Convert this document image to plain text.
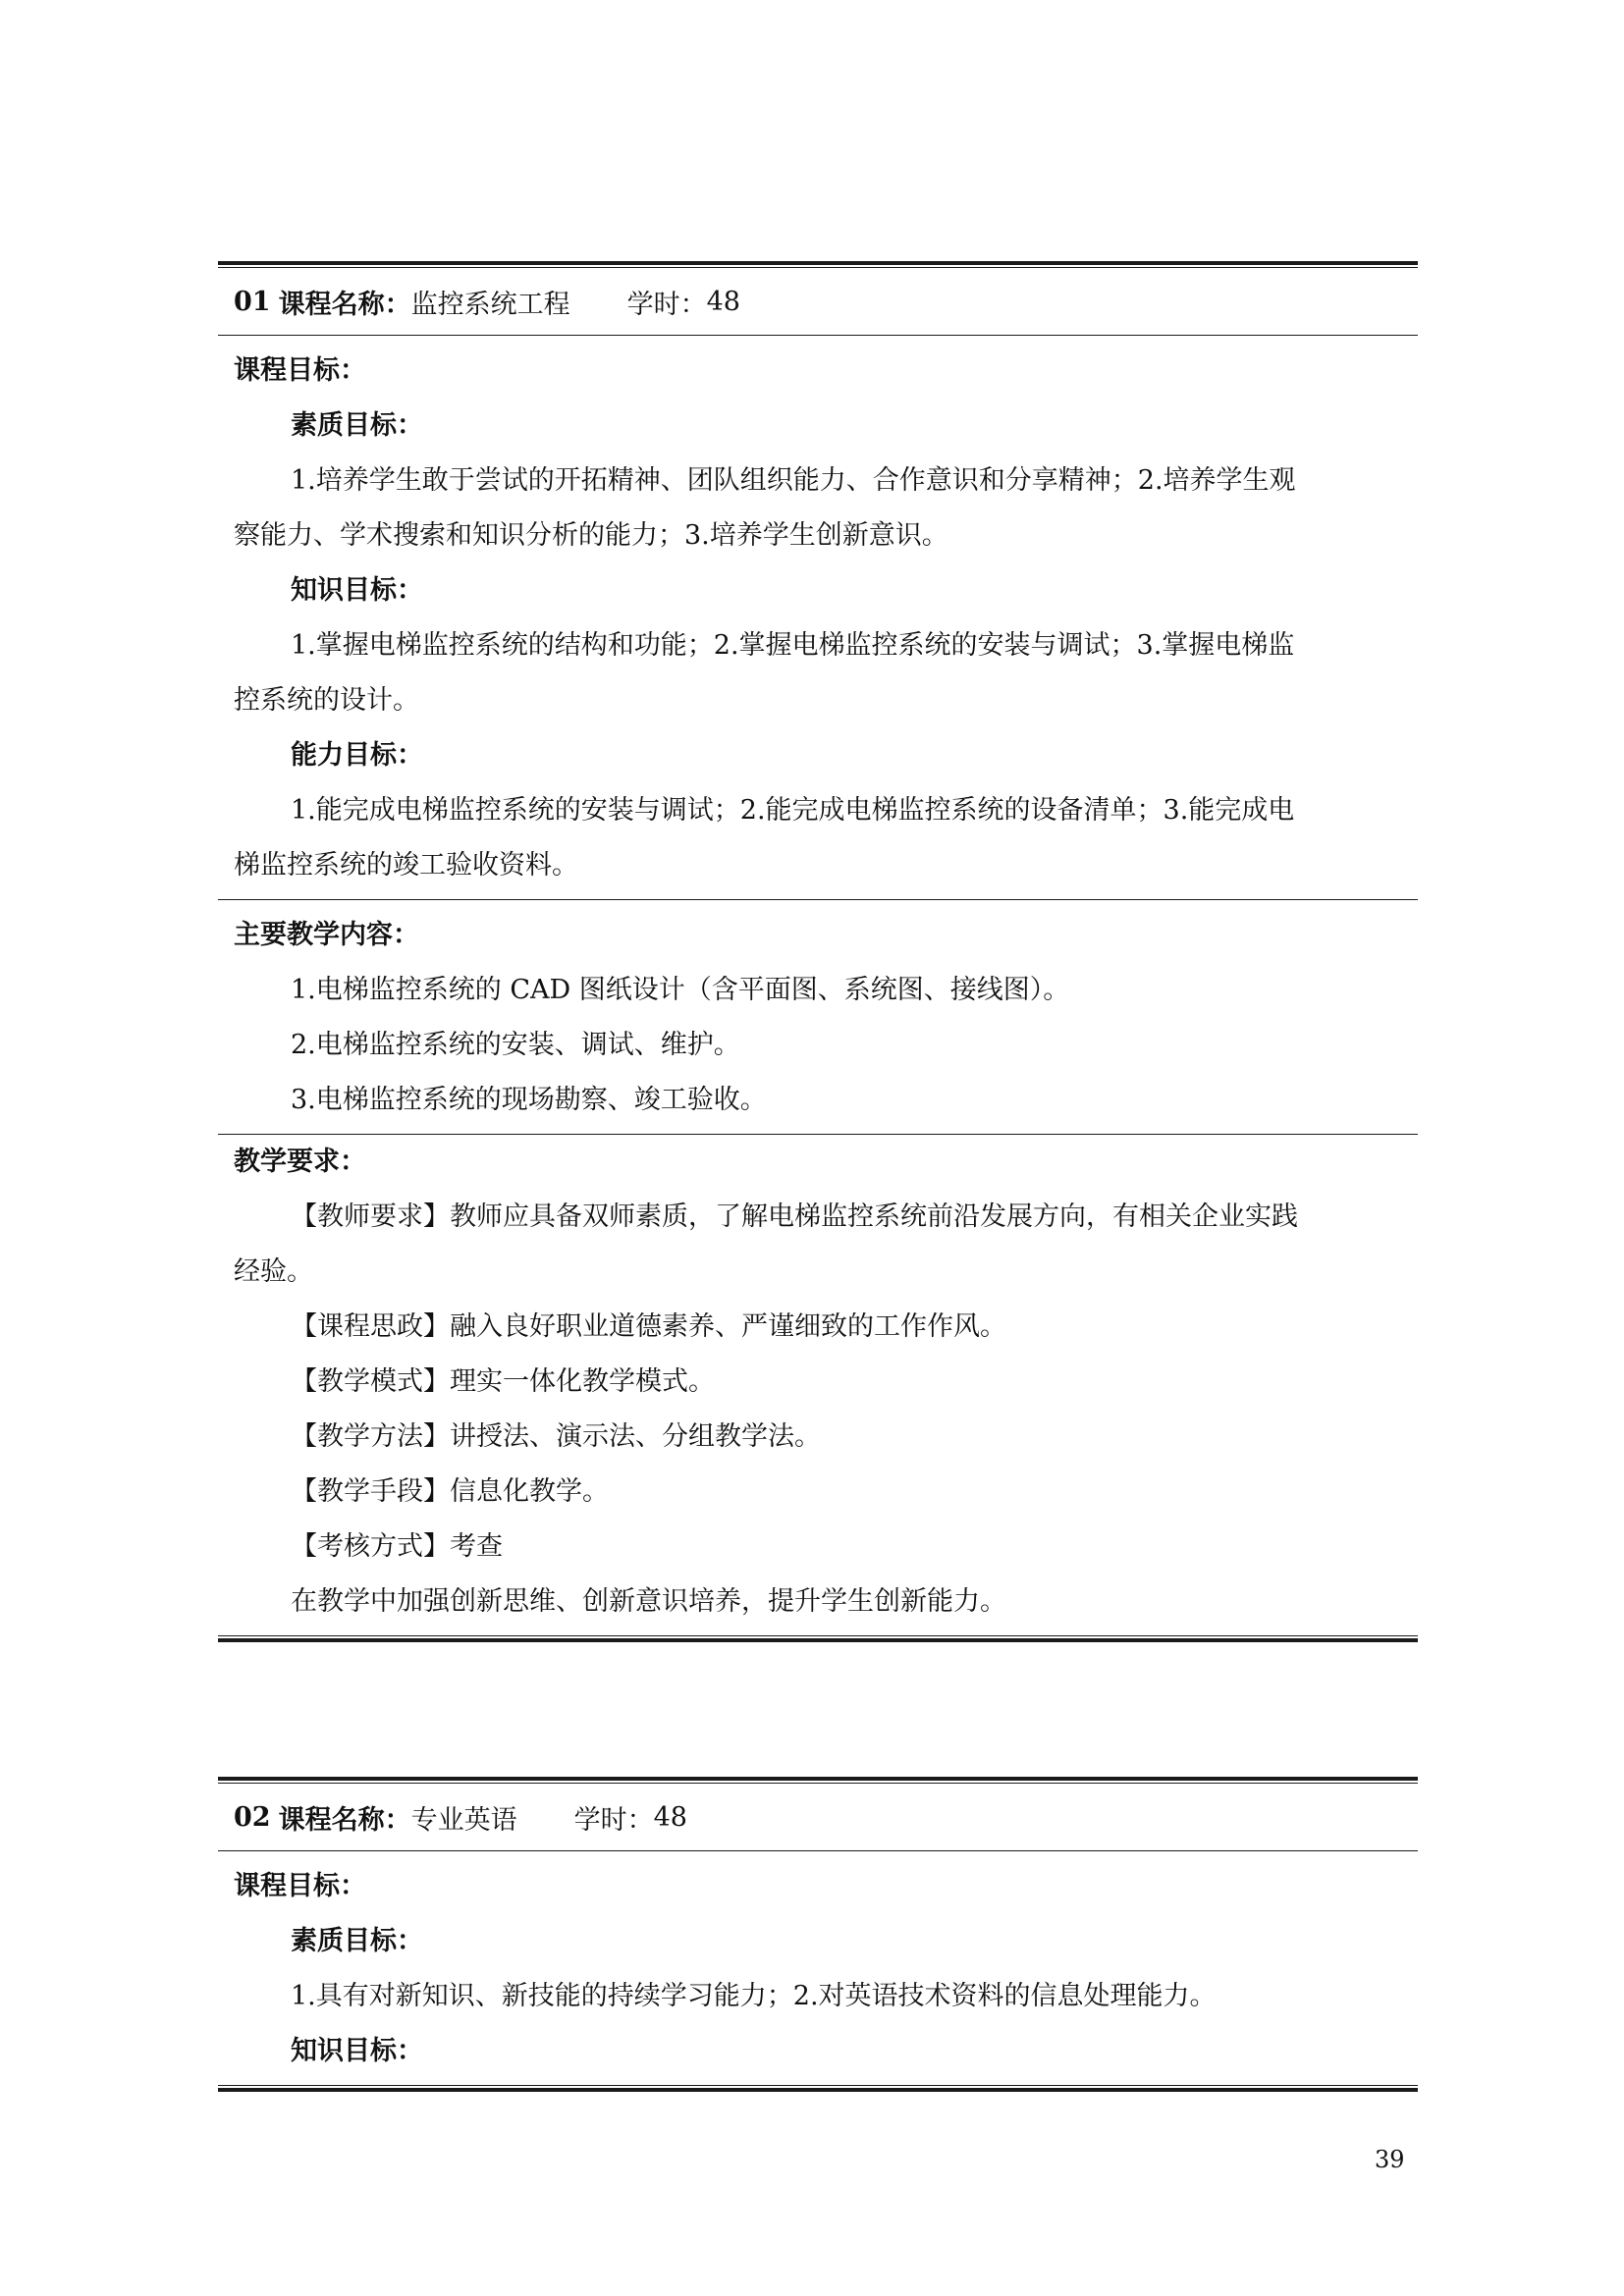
01 课程名称： 监控系统工程 学时： 48
课程目标：
素质目标：
1.培养学生敢于尝试的开拓精神、团队组织能力、合作意识和分享精神；2.培养学生观
察能力、学术搜索和知识分析的能力；3.培养学生创新意识。
知识目标：
1.掌握电梯监控系统的结构和功能；2.掌握电梯监控系统的安装与调试；3.掌握电梯监
控系统的设计。
能力目标：
1.能完成电梯监控系统的安装与调试；2.能完成电梯监控系统的设备清单；3.能完成电
梯监控系统的竣工验收资料。
主要教学内容：
1.电梯监控系统的 CAD 图纸设计（含平面图、系统图、接线图）。
2.电梯监控系统的安装、调试、维护。
3.电梯监控系统的现场勘察、竣工验收。
教学要求：
【教师要求】教师应具备双师素质，了解电梯监控系统前沿发展方向，有相关企业实践
经验。
【课程思政】融入良好职业道德素养、严谨细致的工作作风。
【教学模式】理实一体化教学模式。
【教学方法】讲授法、演示法、分组教学法。
【教学手段】信息化教学。
【考核方式】考查
在教学中加强创新思维、创新意识培养，提升学生创新能力。
02 课程名称： 专业英语 学时： 48
课程目标：
素质目标：
1.具有对新知识、新技能的持续学习能力；2.对英语技术资料的信息处理能力。
知识目标：
39
